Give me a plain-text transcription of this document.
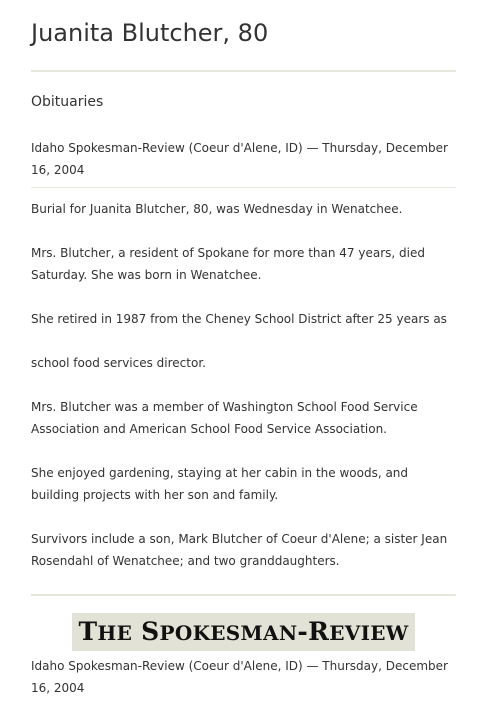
Juanita Blutcher, 80
Obituaries
Idaho Spokesman-Review (Coeur d'Alene, ID) — Thursday, December 16, 2004

Burial for Juanita Blutcher, 80, was Wednesday in Wenatchee.

Mrs. Blutcher, a resident of Spokane for more than 47 years, died Saturday. She was born in Wenatchee.

She retired in 1987 from the Cheney School District after 25 years as

school food services director.

Mrs. Blutcher was a member of Washington School Food Service Association and American School Food Service Association.

She enjoyed gardening, staying at her cabin in the woods, and building projects with her son and family.

Survivors include a son, Mark Blutcher of Coeur d'Alene; a sister Jean Rosendahl of Wenatchee; and two granddaughters.

THE SPOKESMAN-REVIEW
Idaho Spokesman-Review (Coeur d'Alene, ID) — Thursday, December 16, 2004
